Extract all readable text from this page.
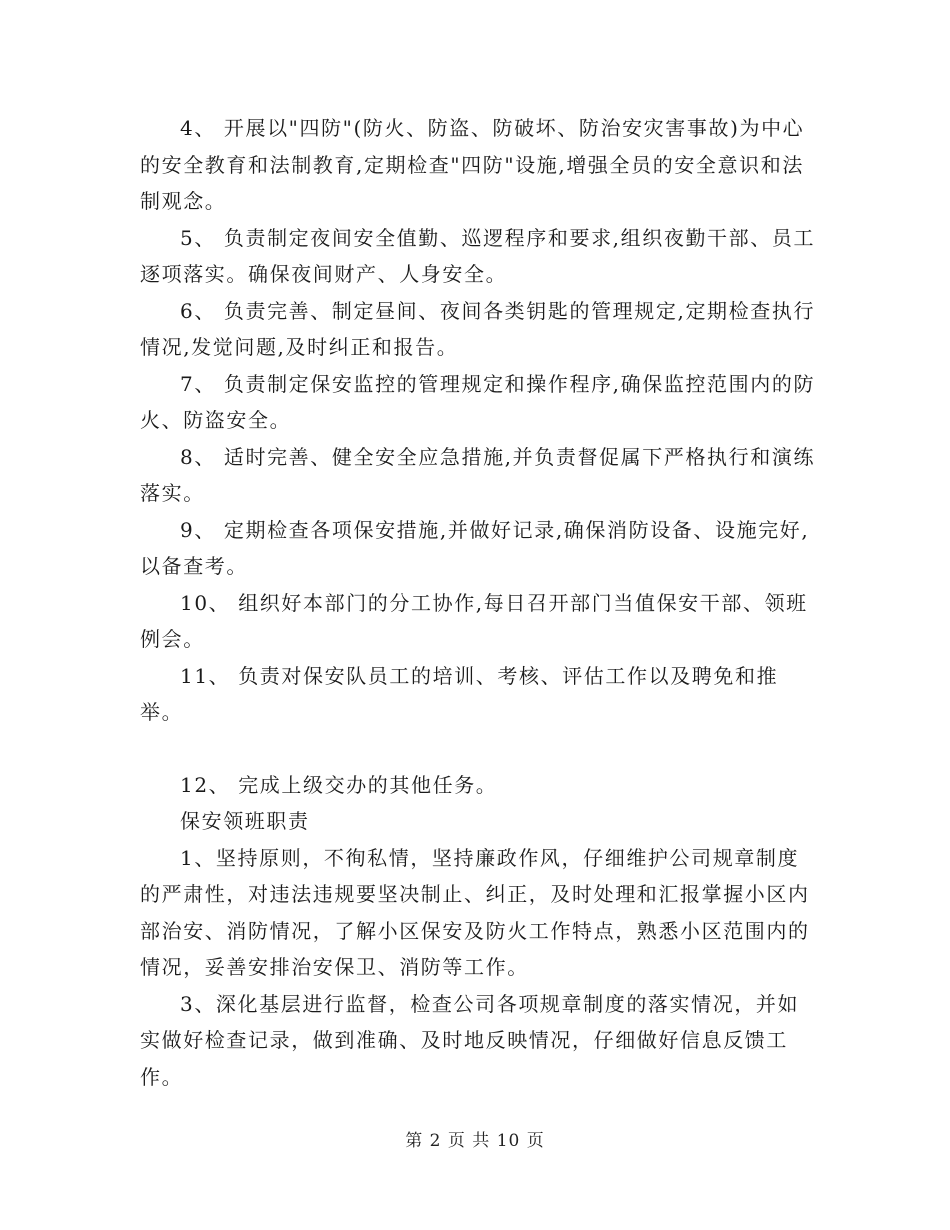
4、 开展以"四防"(防火、防盗、防破坏、防治安灾害事故)为中心的安全教育和法制教育,定期检查"四防"设施,增强全员的安全意识和法制观念。

5、 负责制定夜间安全值勤、巡逻程序和要求,组织夜勤干部、员工逐项落实。确保夜间财产、人身安全。

6、 负责完善、制定昼间、夜间各类钥匙的管理规定,定期检查执行情况,发觉问题,及时纠正和报告。

7、 负责制定保安监控的管理规定和操作程序,确保监控范围内的防火、防盗安全。

8、 适时完善、健全安全应急措施,并负责督促属下严格执行和演练落实。

9、 定期检查各项保安措施,并做好记录,确保消防设备、设施完好,以备查考。

10、 组织好本部门的分工协作,每日召开部门当值保安干部、领班例会。

11、 负责对保安队员工的培训、考核、评估工作以及聘免和推举。

12、 完成上级交办的其他任务。

保安领班职责

1、坚持原则，不徇私情，坚持廉政作风，仔细维护公司规章制度的严肃性，对违法违规要坚决制止、纠正，及时处理和汇报掌握小区内部治安、消防情况，了解小区保安及防火工作特点，熟悉小区范围内的情况，妥善安排治安保卫、消防等工作。

3、深化基层进行监督，检查公司各项规章制度的落实情况，并如实做好检查记录，做到准确、及时地反映情况，仔细做好信息反馈工作。

第 2 页 共 10 页
